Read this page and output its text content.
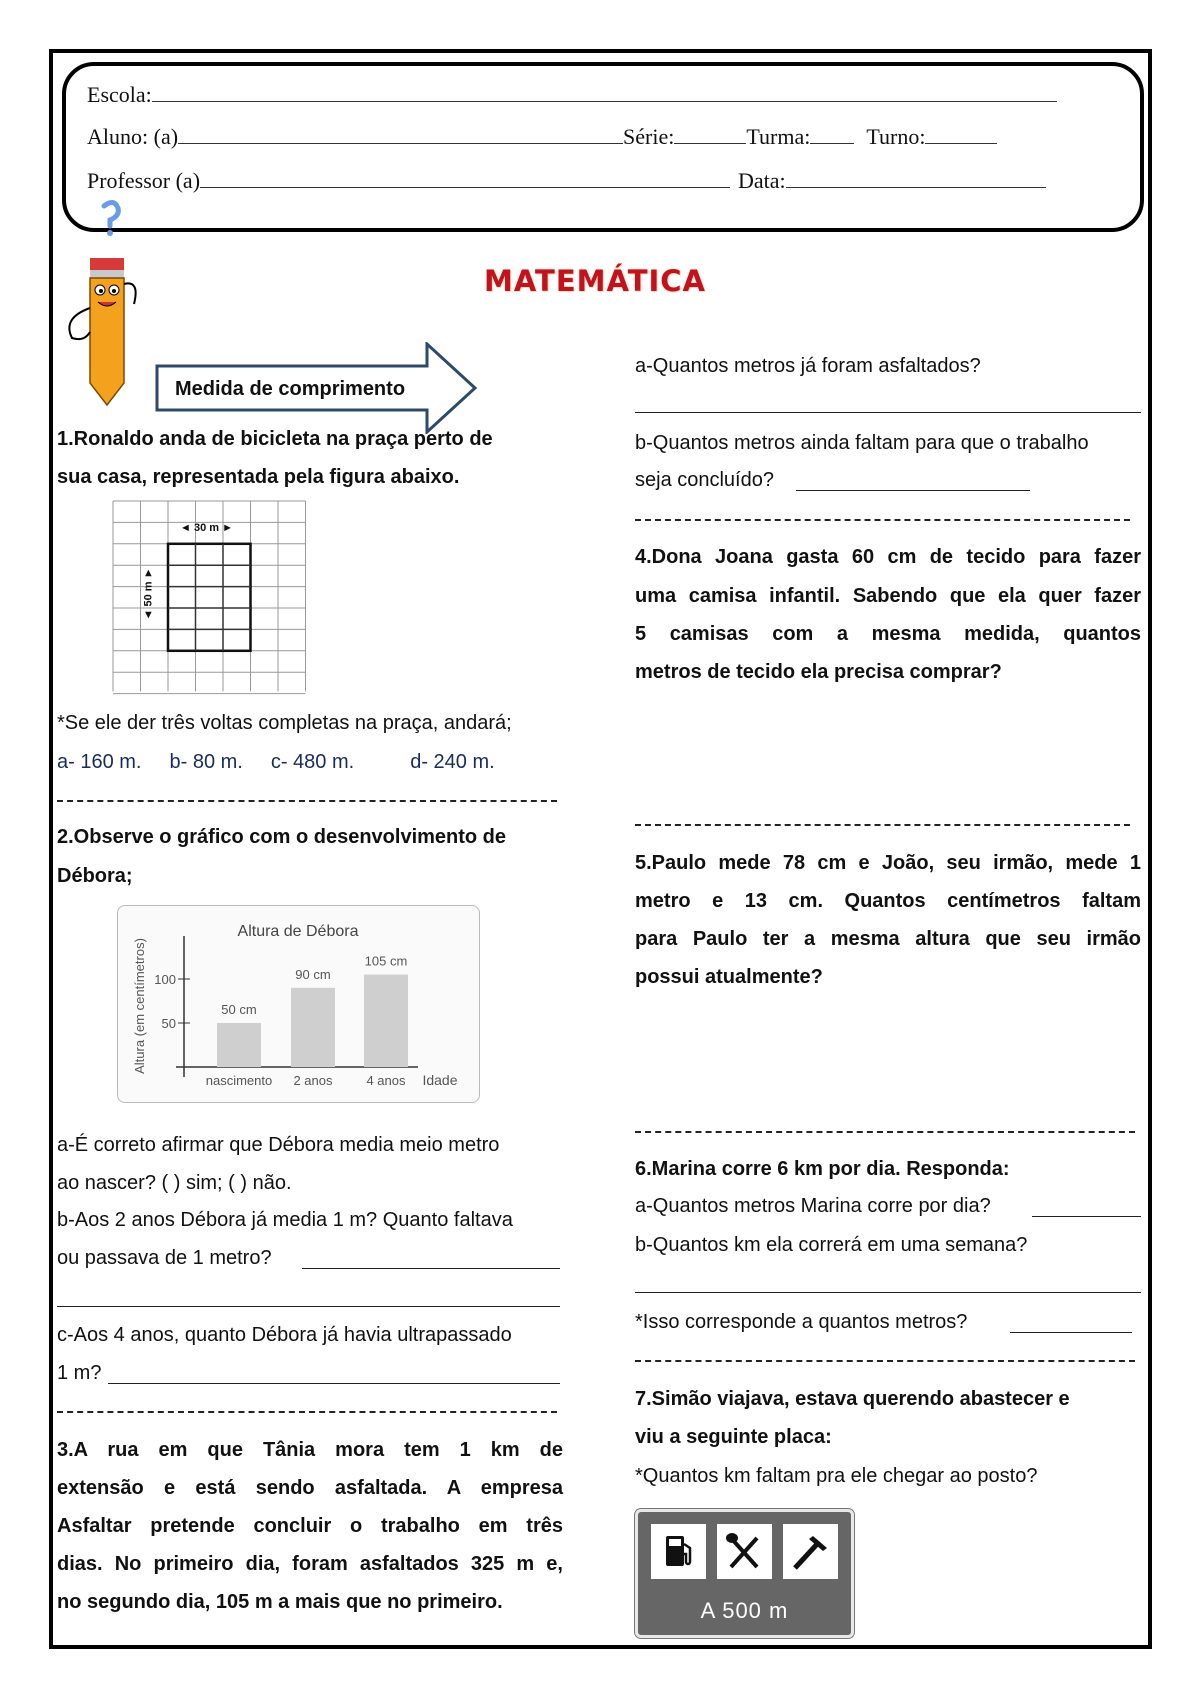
Escola:
Aluno: (a)	Série:	Turma:	Turno:
Professor (a)	Data:
MATEMÁTICA
Medida de comprimento
1.Ronaldo anda de bicicleta na praça perto de
sua casa, representada pela figura abaixo.
◄ 30 m ►
◄ 50 m ►
*Se ele der três voltas completas na praça, andará;
a- 160 m. b- 80 m. c- 480 m.	d- 240 m.
2.Observe o gráfico com o desenvolvimento de
Débora;
Altura de Débora
50
100
50 cm
nascimento
90 cm
2 anos
105 cm
4 anos Idade
Altura (em centímetros)
a-É correto afirmar que Débora media meio metro
ao nascer? ( ) sim; ( ) não.
b-Aos 2 anos Débora já media 1 m? Quanto faltava
ou passava de 1 metro?
c-Aos 4 anos, quanto Débora já havia ultrapassado
1 m?
3.A rua em que Tânia mora tem 1 km de
extensão e está sendo asfaltada. A empresa
Asfaltar pretende concluir o trabalho em três
dias. No primeiro dia, foram asfaltados 325 m e,
no segundo dia, 105 m a mais que no primeiro.
a-Quantos metros já foram asfaltados?
b-Quantos metros ainda faltam para que o trabalho
seja concluído?
4.Dona Joana gasta 60 cm de tecido para fazer
uma camisa infantil. Sabendo que ela quer fazer
5 camisas com a mesma medida, quantos
metros de tecido ela precisa comprar?
5.Paulo mede 78 cm e João, seu irmão, mede 1
metro e 13 cm. Quantos centímetros faltam
para Paulo ter a mesma altura que seu irmão
possui atualmente?
6.Marina corre 6 km por dia. Responda:
a-Quantos metros Marina corre por dia?
b-Quantos km ela correrá em uma semana?
*Isso corresponde a quantos metros?
7.Simão viajava, estava querendo abastecer e
viu a seguinte placa:
*Quantos km faltam pra ele chegar ao posto?
A 500 m
